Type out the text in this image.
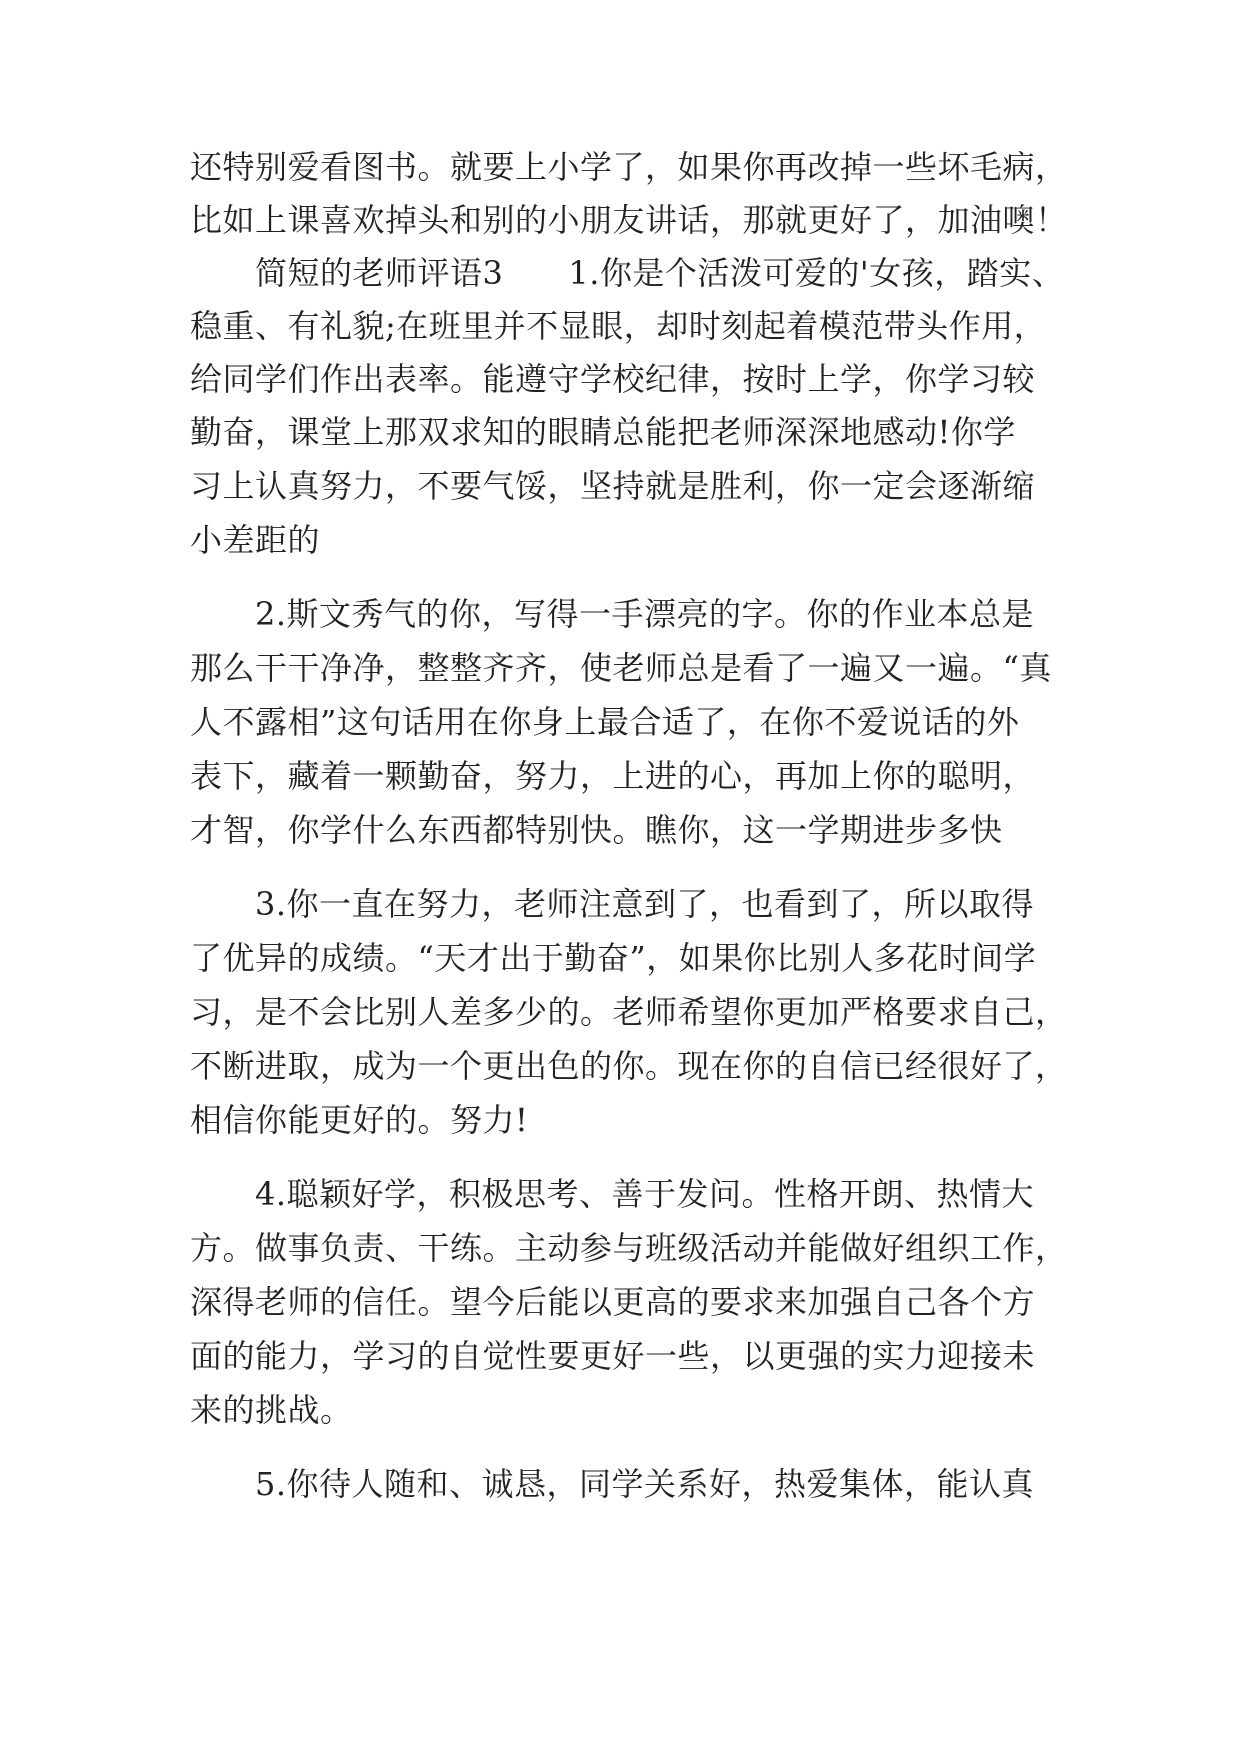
还特别爱看图书。就要上小学了，如果你再改掉一些坏毛病，

比如上课喜欢掉头和别的小朋友讲话，那就更好了，加油噢！

简短的老师评语3　　1.你是个活泼可爱的'女孩，踏实、

稳重、有礼貌;在班里并不显眼，却时刻起着模范带头作用，

给同学们作出表率。能遵守学校纪律，按时上学，你学习较

勤奋，课堂上那双求知的眼睛总能把老师深深地感动!你学

习上认真努力，不要气馁，坚持就是胜利，你一定会逐渐缩

小差距的

2.斯文秀气的你，写得一手漂亮的字。你的作业本总是

那么干干净净，整整齐齐，使老师总是看了一遍又一遍。“真

人不露相”这句话用在你身上最合适了，在你不爱说话的外

表下，藏着一颗勤奋，努力，上进的心，再加上你的聪明，

才智，你学什么东西都特别快。瞧你，这一学期进步多快

3.你一直在努力，老师注意到了，也看到了，所以取得

了优异的成绩。“天才出于勤奋”，如果你比别人多花时间学

习，是不会比别人差多少的。老师希望你更加严格要求自己，

不断进取，成为一个更出色的你。现在你的自信已经很好了，

相信你能更好的。努力!

4.聪颖好学，积极思考、善于发问。性格开朗、热情大

方。做事负责、干练。主动参与班级活动并能做好组织工作，

深得老师的信任。望今后能以更高的要求来加强自己各个方

面的能力，学习的自觉性要更好一些，以更强的实力迎接未

来的挑战。

5.你待人随和、诚恳，同学关系好，热爱集体，能认真
